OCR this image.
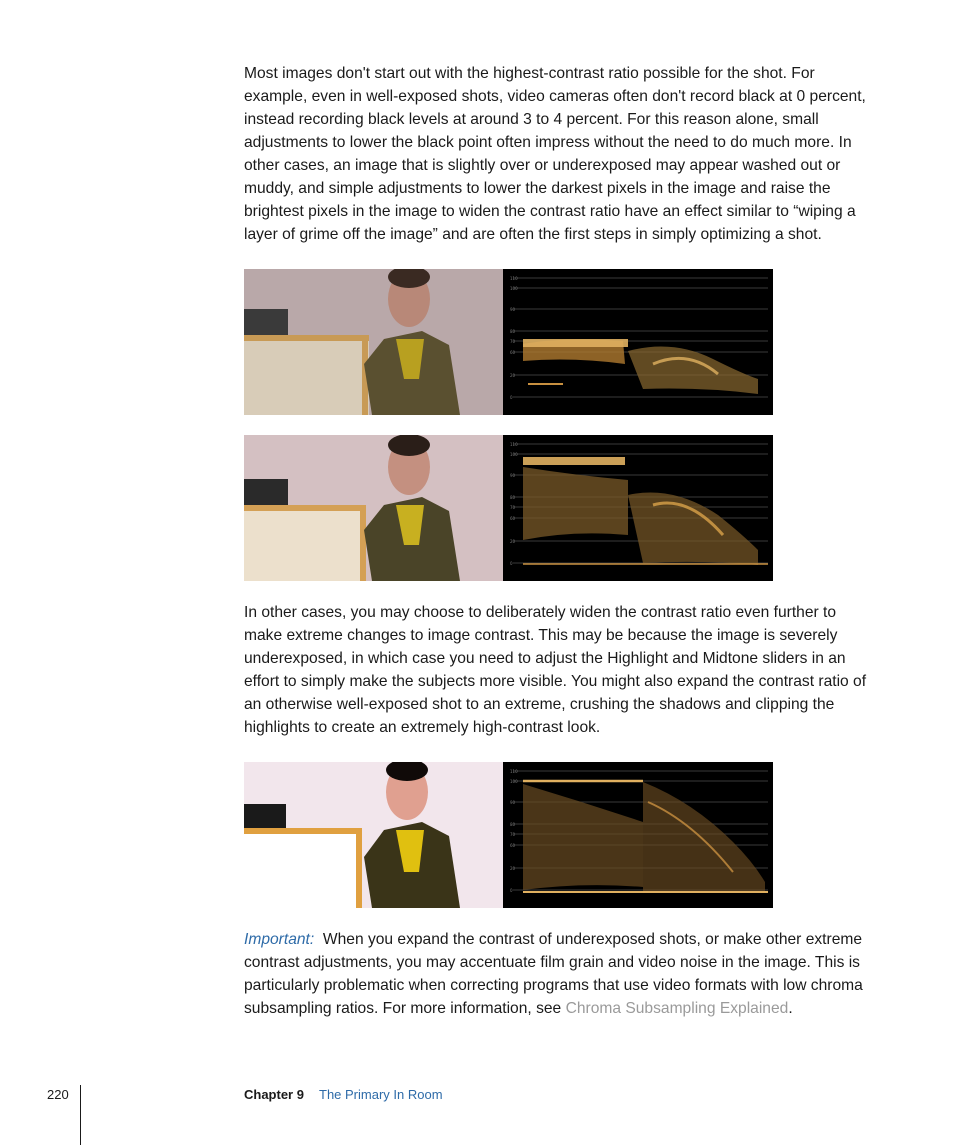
Most images don't start out with the highest-contrast ratio possible for the shot. For example, even in well-exposed shots, video cameras often don't record black at 0 percent, instead recording black levels at around 3 to 4 percent. For this reason alone, small adjustments to lower the black point often impress without the need to do much more. In other cases, an image that is slightly over or underexposed may appear washed out or muddy, and simple adjustments to lower the darkest pixels in the image and raise the brightest pixels in the image to widen the contrast ratio have an effect similar to “wiping a layer of grime off the image” and are often the first steps in simply optimizing a shot.

110
100
90
80
70
60
20
0
110
100
90
80
70
60
20
0

In other cases, you may choose to deliberately widen the contrast ratio even further to make extreme changes to image contrast. This may be because the image is severely underexposed, in which case you need to adjust the Highlight and Midtone sliders in an effort to simply make the subjects more visible. You might also expand the contrast ratio of an otherwise well-exposed shot to an extreme, crushing the shadows and clipping the highlights to create an extremely high-contrast look.

110
100
90
80
70
60
20
0

Important: When you expand the contrast of underexposed shots, or make other extreme contrast adjustments, you may accentuate film grain and video noise in the image. This is particularly problematic when correcting programs that use video formats with low chroma subsampling ratios. For more information, see Chroma Subsampling Explained.

220	Chapter 9 The Primary In Room
